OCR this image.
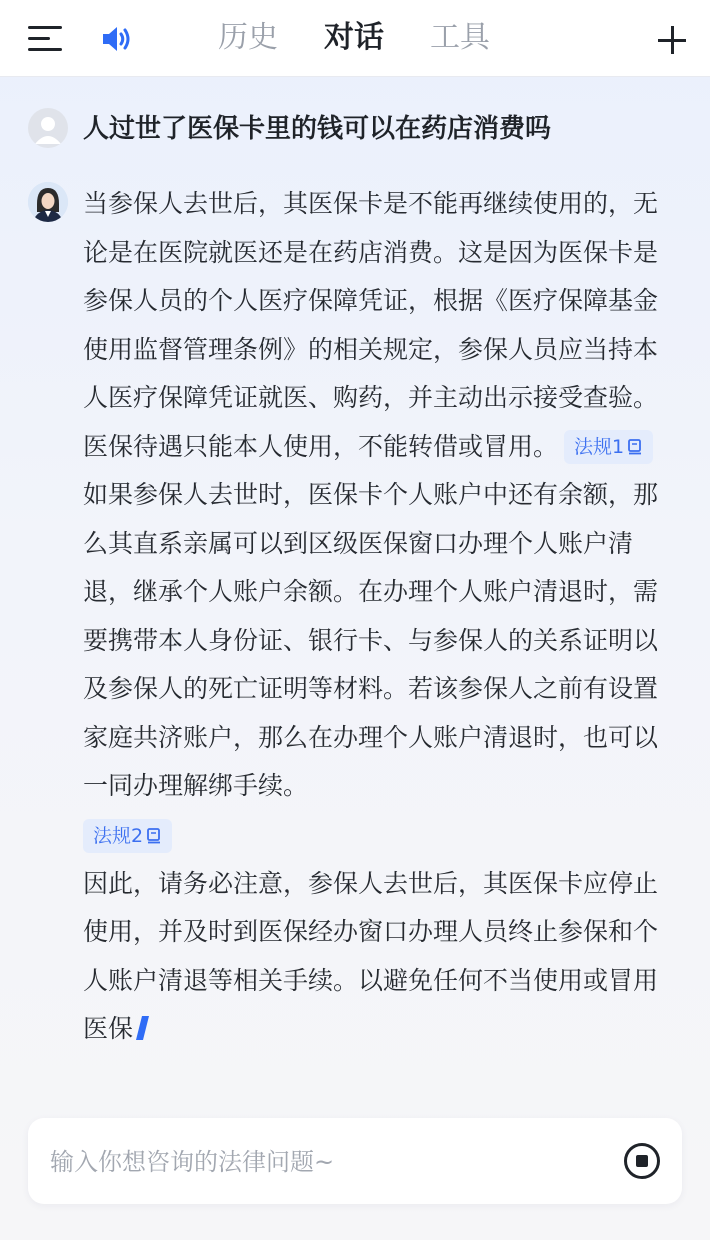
历史 对话 工具
人过世了医保卡里的钱可以在药店消费吗

当参保人去世后，其医保卡是不能再继续使用的，无论是在医院就医还是在药店消费。这是因为医保卡是参保人员的个人医疗保障凭证，根据《医疗保障基金使用监督管理条例》的相关规定，参保人员应当持本人医疗保障凭证就医、购药，并主动出示接受查验。医保待遇只能本人使用，不能转借或冒用。 法规1

如果参保人去世时，医保卡个人账户中还有余额，那么其直系亲属可以到区级医保窗口办理个人账户清退，继承个人账户余额。在办理个人账户清退时，需要携带本人身份证、银行卡、与参保人的关系证明以及参保人的死亡证明等材料。若该参保人之前有设置家庭共济账户，那么在办理个人账户清退时，也可以一同办理解绑手续。

法规2

因此，请务必注意，参保人去世后，其医保卡应停止使用，并及时到医保经办窗口办理人员终止参保和个人账户清退等相关手续。以避免任何不当使用或冒用医保

输入你想咨询的法律问题~
